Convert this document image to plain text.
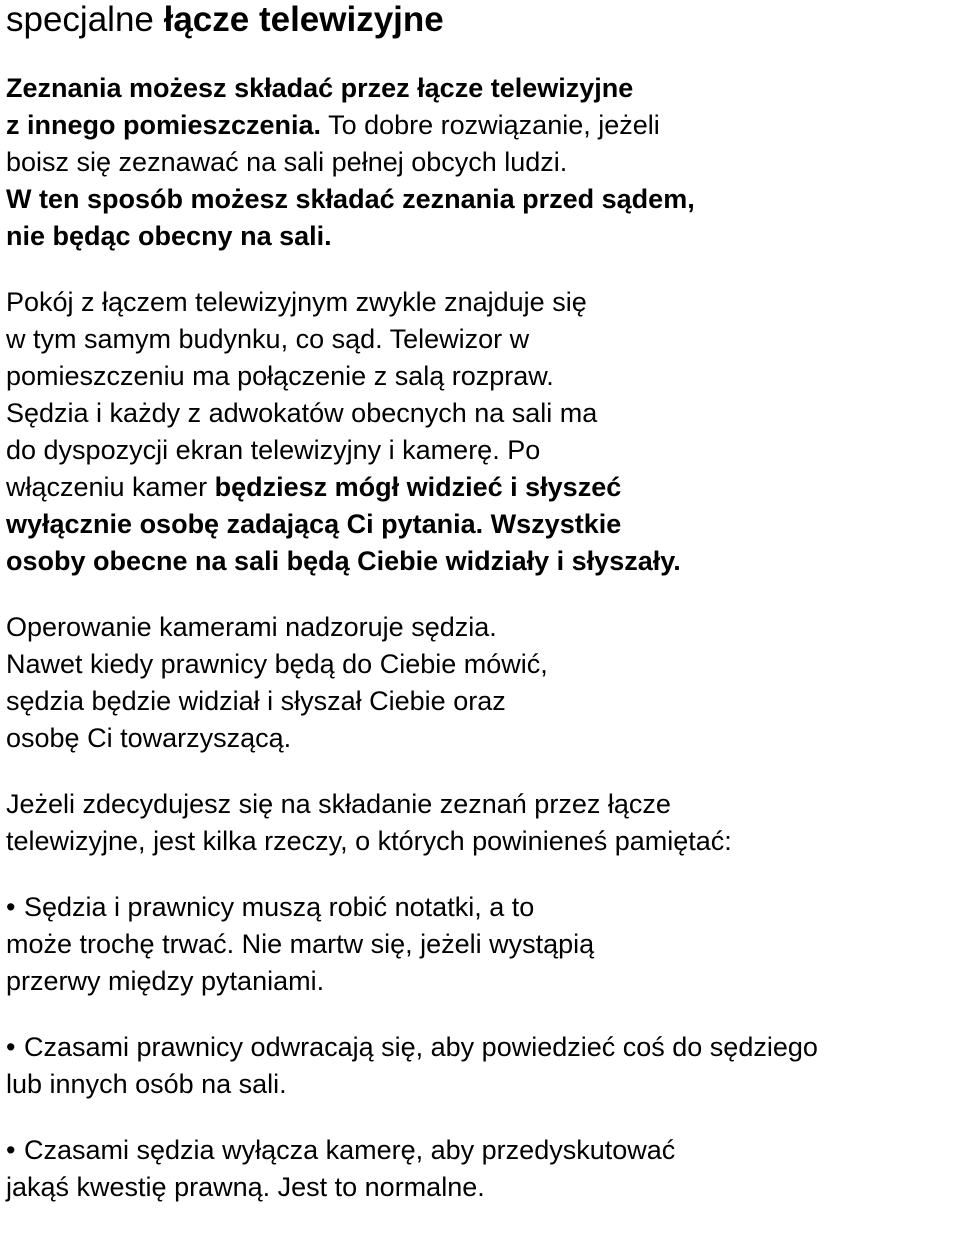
specjalne łącze telewizyjne

Zeznania możesz składać przez łącze telewizyjne
z innego pomieszczenia. To dobre rozwiązanie, jeżeli
boisz się zeznawać na sali pełnej obcych ludzi.
W ten sposób możesz składać zeznania przed sądem,
nie będąc obecny na sali.

Pokój z łączem telewizyjnym zwykle znajduje się
w tym samym budynku, co sąd. Telewizor w
pomieszczeniu ma połączenie z salą rozpraw.
Sędzia i każdy z adwokatów obecnych na sali ma
do dyspozycji ekran telewizyjny i kamerę. Po
włączeniu kamer będziesz mógł widzieć i słyszeć
wyłącznie osobę zadającą Ci pytania. Wszystkie
osoby obecne na sali będą Ciebie widziały i słyszały.

Operowanie kamerami nadzoruje sędzia.
Nawet kiedy prawnicy będą do Ciebie mówić,
sędzia będzie widział i słyszał Ciebie oraz
osobę Ci towarzyszącą.

Jeżeli zdecydujesz się na składanie zeznań przez łącze
telewizyjne, jest kilka rzeczy, o których powinieneś pamiętać:

• Sędzia i prawnicy muszą robić notatki, a to
może trochę trwać. Nie martw się, jeżeli wystąpią
przerwy między pytaniami.

• Czasami prawnicy odwracają się, aby powiedzieć coś do sędziego
lub innych osób na sali.

• Czasami sędzia wyłącza kamerę, aby przedyskutować
jakąś kwestię prawną. Jest to normalne.
